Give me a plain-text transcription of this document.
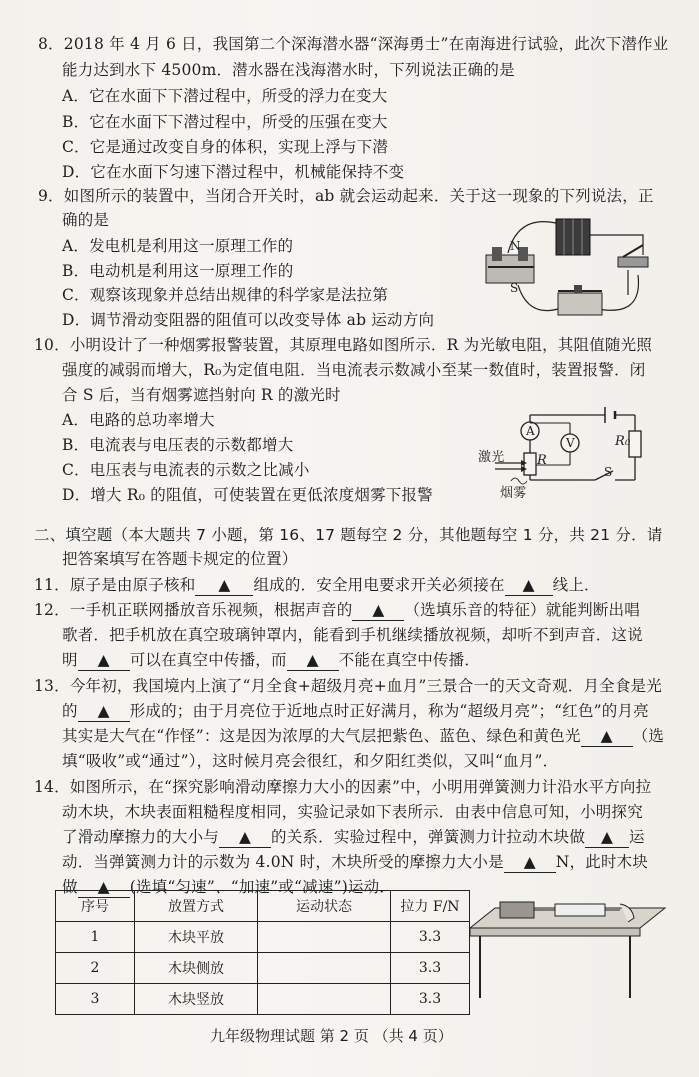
8．2018 年 4 月 6 日，我国第二个深海潜水器“深海勇士”在南海进行试验，此次下潜作业
能力达到水下 4500m．潜水器在浅海潜水时，下列说法正确的是
A．它在水面下下潜过程中，所受的浮力在变大
B．它在水面下下潜过程中，所受的压强在变大
C．它是通过改变自身的体积，实现上浮与下潜
D．它在水面下匀速下潜过程中，机械能保持不变
9．如图所示的装置中，当闭合开关时，ab 就会运动起来．关于这一现象的下列说法，正
确的是
A．发电机是利用这一原理工作的
B．电动机是利用这一原理工作的
C．观察该现象并总结出规律的科学家是法拉第
D．调节滑动变阻器的阻值可以改变导体 ab 运动方向
N
S
10．小明设计了一种烟雾报警装置，其原理电路如图所示．R 为光敏电阻，其阻值随光照
强度的减弱而增大，R₀为定值电阻．当电流表示数减小至某一数值时，装置报警．闭
合 S 后，当有烟雾遮挡射向 R 的激光时
A．电路的总功率增大
B．电流表与电压表的示数都增大
C．电压表与电流表的示数之比减小
D．增大 R₀ 的阻值，可使装置在更低浓度烟雾下报警
A
V
R
R₀
S
激光
烟雾
二、填空题（本大题共 7 小题，第 16、17 题每空 2 分，其他题每空 1 分，共 21 分．请
把答案填写在答题卡规定的位置）
11．原子是由原子核和 ▲ 组成的．安全用电要求开关必须接在 ▲ 线上．
12．一手机正联网播放音乐视频，根据声音的 ▲ （选填乐音的特征）就能判断出唱
歌者．把手机放在真空玻璃钟罩内，能看到手机继续播放视频，却听不到声音．这说
明 ▲ 可以在真空中传播，而 ▲ 不能在真空中传播．
13．今年初，我国境内上演了“月全食+超级月亮+血月”三景合一的天文奇观．月全食是光
的 ▲ 形成的；由于月亮位于近地点时正好满月，称为“超级月亮”；“红色”的月亮
其实是大气在“作怪”：这是因为浓厚的大气层把紫色、蓝色、绿色和黄色光 ▲ （选
填“吸收”或“通过”），这时候月亮会很红，和夕阳红类似，又叫“血月”．
14．如图所示，在“探究影响滑动摩擦力大小的因素”中，小明用弹簧测力计沿水平方向拉
动木块，木块表面粗糙程度相同，实验记录如下表所示．由表中信息可知，小明探究
了滑动摩擦力的大小与 ▲ 的关系．实验过程中，弹簧测力计拉动木块做 ▲ 运
动．当弹簧测力计的示数为 4.0N 时，木块所受的摩擦力大小是 ▲ N，此时木块
做 ▲ (选填“匀速”、“加速”或“减速”)运动．
序号	放置方式	运动状态	拉力 F/N
1	木块平放		3.3
2	木块侧放		3.3
3	木块竖放		3.3
九年级物理试题 第 2 页 （共 4 页）
